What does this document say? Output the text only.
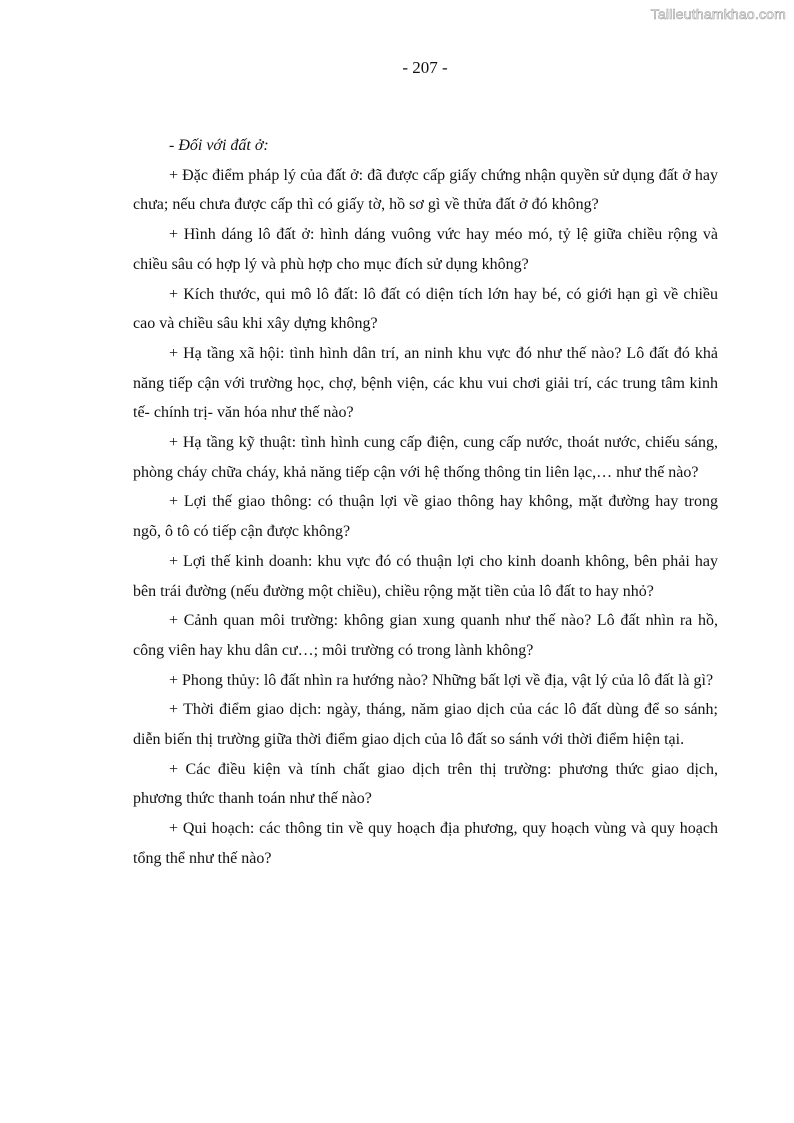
Tailieuthamkhao.com
- 207 -

- Đối với đất ở:

+ Đặc điểm pháp lý của đất ở: đã được cấp giấy chứng nhận quyền sử dụng đất ở hay chưa; nếu chưa được cấp thì có giấy tờ, hồ sơ gì về thửa đất ở đó không?

+ Hình dáng lô đất ở: hình dáng vuông vức hay méo mó, tỷ lệ giữa chiều rộng và chiều sâu có hợp lý và phù hợp cho mục đích sử dụng không?

+ Kích thước, qui mô lô đất: lô đất có diện tích lớn hay bé, có giới hạn gì về chiều cao và chiều sâu khi xây dựng không?

+ Hạ tầng xã hội: tình hình dân trí, an ninh khu vực đó như thế nào? Lô đất đó khả năng tiếp cận với trường học, chợ, bệnh viện, các khu vui chơi giải trí, các trung tâm kinh tế- chính trị- văn hóa như thế nào?

+ Hạ tầng kỹ thuật: tình hình cung cấp điện, cung cấp nước, thoát nước, chiếu sáng, phòng cháy chữa cháy, khả năng tiếp cận với hệ thống thông tin liên lạc,… như thế nào?

+ Lợi thế giao thông: có thuận lợi về giao thông hay không, mặt đường hay trong ngõ, ô tô có tiếp cận được không?

+ Lợi thế kinh doanh: khu vực đó có thuận lợi cho kinh doanh không, bên phải hay bên trái đường (nếu đường một chiều), chiều rộng mặt tiền của lô đất to hay nhỏ?

+ Cảnh quan môi trường: không gian xung quanh như thế nào? Lô đất nhìn ra hồ, công viên hay khu dân cư…; môi trường có trong lành không?

+ Phong thủy: lô đất nhìn ra hướng nào? Những bất lợi về địa, vật lý của lô đất là gì?

+ Thời điểm giao dịch: ngày, tháng, năm giao dịch của các lô đất dùng để so sánh; diễn biến thị trường giữa thời điểm giao dịch của lô đất so sánh với thời điểm hiện tại.

+ Các điều kiện và tính chất giao dịch trên thị trường: phương thức giao dịch, phương thức thanh toán như thế nào?

+ Qui hoạch: các thông tin về quy hoạch địa phương, quy hoạch vùng và quy hoạch tổng thể như thế nào?
